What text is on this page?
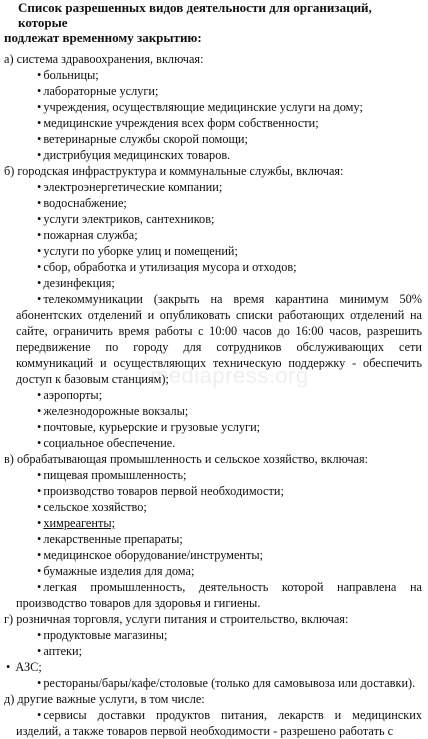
Список разрешенных видов деятельности для организаций, которые
подлежат временному закрытию:
а) система здравоохранения, включая:
• больницы;
• лабораторные услуги;
• учреждения, осуществляющие медицинские услуги на дому;
• медицинские учреждения всех форм собственности;
• ветеринарные службы скорой помощи;
• дистрибуция медицинских товаров.
б) городская инфраструктура и коммунальные службы, включая:
• электроэнергетические компании;
• водоснабжение;
• услуги электриков, сантехников;
• пожарная служба;
• услуги по уборке улиц и помещений;
• сбор, обработка и утилизация мусора и отходов;
• дезинфекция;
• телекоммуникации (закрыть на время карантина минимум 50% абонентских отделений и опубликовать списки работающих отделений на сайте, ограничить время работы с 10:00 часов до 16:00 часов, разрешить передвижение по городу для сотрудников обслуживающих сети коммуникаций и осуществляющих техническую поддержку - обеспечить доступ к базовым станциям);
• аэропорты;
• железнодорожные вокзалы;
• почтовые, курьерские и грузовые услуги;
• социальное обеспечение.
в) обрабатывающая промышленность и сельское хозяйство, включая:
• пищевая промышленность;
• производство товаров первой необходимости;
• сельское хозяйство;
• химреагенты;
• лекарственные препараты;
• медицинское оборудование/инструменты;
• бумажные изделия для дома;
• легкая промышленность, деятельность которой направлена на производство товаров для здоровья и гигиены.
г) розничная торговля, услуги питания и строительство, включая:
• продуктовые магазины;
• аптеки;
• АЗС;
• рестораны/бары/кафе/столовые (только для самовывоза или доставки).
д) другие важные услуги, в том числе:
• сервисы доставки продуктов питания, лекарств и медицинских изделий, а также товаров первой необходимости - разрешено работать с
mediapress.org
